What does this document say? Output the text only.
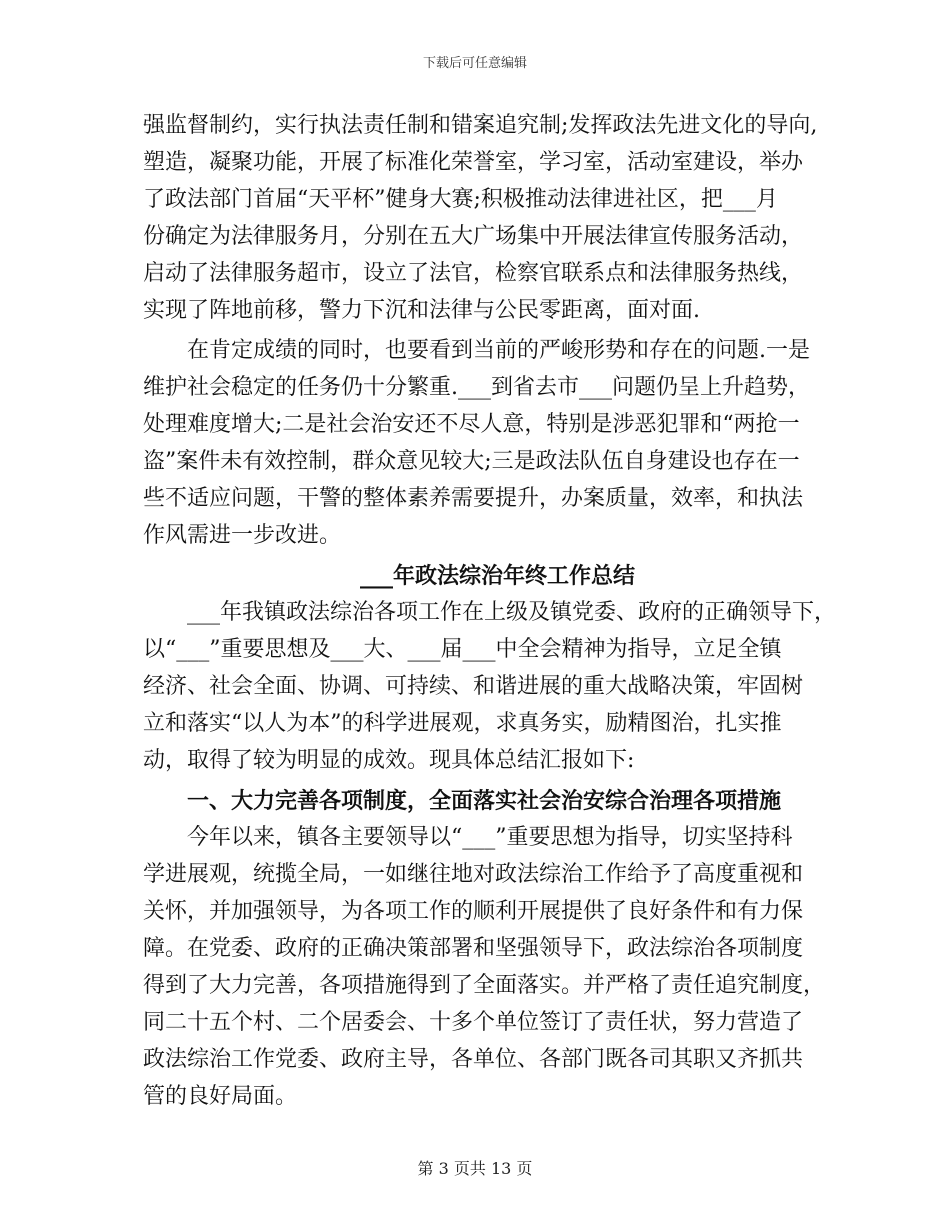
下载后可任意编辑
强监督制约，实行执法责任制和错案追究制;发挥政法先进文化的导向,
塑造，凝聚功能，开展了标准化荣誉室，学习室，活动室建设，举办
了政法部门首届“天平杯”健身大赛;积极推动法律进社区，把___月
份确定为法律服务月，分别在五大广场集中开展法律宣传服务活动，
启动了法律服务超市，设立了法官，检察官联系点和法律服务热线，
实现了阵地前移，警力下沉和法律与公民零距离，面对面.
在肯定成绩的同时，也要看到当前的严峻形势和存在的问题.一是
维护社会稳定的任务仍十分繁重.___到省去市___问题仍呈上升趋势，
处理难度增大;二是社会治安还不尽人意，特别是涉恶犯罪和“两抢一
盗”案件未有效控制，群众意见较大;三是政法队伍自身建设也存在一
些不适应问题，干警的整体素养需要提升，办案质量，效率，和执法
作风需进一步改进。
___年政法综治年终工作总结
___年我镇政法综治各项工作在上级及镇党委、政府的正确领导下，
以“___”重要思想及___大、___届___中全会精神为指导，立足全镇
经济、社会全面、协调、可持续、和谐进展的重大战略决策，牢固树
立和落实“以人为本”的科学进展观，求真务实，励精图治，扎实推
动，取得了较为明显的成效。现具体总结汇报如下:
一、大力完善各项制度，全面落实社会治安综合治理各项措施
今年以来，镇各主要领导以“___”重要思想为指导，切实坚持科
学进展观，统揽全局，一如继往地对政法综治工作给予了高度重视和
关怀，并加强领导，为各项工作的顺利开展提供了良好条件和有力保
障。在党委、政府的正确决策部署和坚强领导下，政法综治各项制度
得到了大力完善，各项措施得到了全面落实。并严格了责任追究制度，
同二十五个村、二个居委会、十多个单位签订了责任状，努力营造了
政法综治工作党委、政府主导，各单位、各部门既各司其职又齐抓共
管的良好局面。
第 3 页共 13 页
